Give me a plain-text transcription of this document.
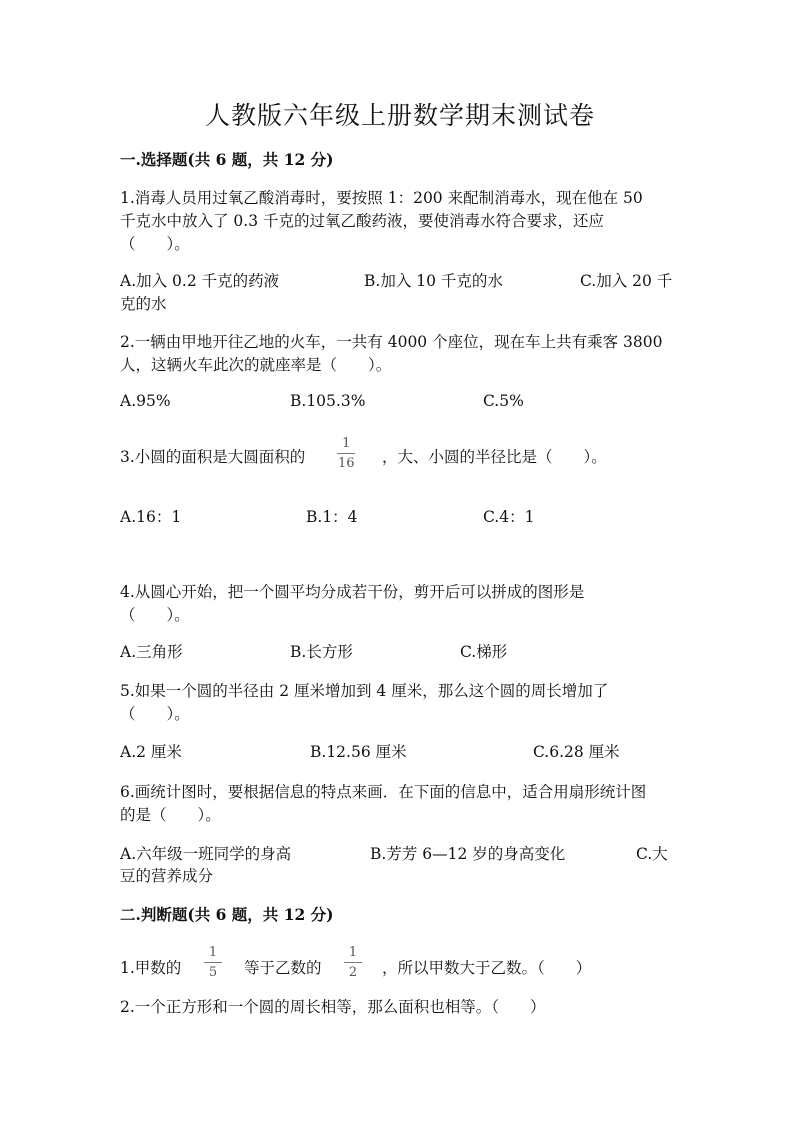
人教版六年级上册数学期末测试卷
一.选择题(共 6 题，共 12 分)
1.消毒人员用过氧乙酸消毒时，要按照 1：200 来配制消毒水，现在他在 50
千克水中放入了 0.3 千克的过氧乙酸药液，要使消毒水符合要求，还应
（　　）。
A.加入 0.2 千克的药液	B.加入 10 千克的水	C.加入 20 千
克的水
2.一辆由甲地开往乙地的火车，一共有 4000 个座位，现在车上共有乘客 3800
人，这辆火车此次的就座率是（　　）。
A.95%	B.105.3%	C.5%
3.小圆的面积是大圆面积的
1
16 ，大、小圆的半径比是（　　）。
A.16：1	B.1：4	C.4：1
4.从圆心开始，把一个圆平均分成若干份，剪开后可以拼成的图形是
（　　）。
A.三角形	B.长方形	C.梯形
5.如果一个圆的半径由 2 厘米增加到 4 厘米，那么这个圆的周长增加了
（　　）。
A.2 厘米	B.12.56 厘米	C.6.28 厘米
6.画统计图时，要根据信息的特点来画．在下面的信息中，适合用扇形统计图
的是（　　）。
A.六年级一班同学的身高	B.芳芳 6—12 岁的身高变化	C.大
豆的营养成分
二.判断题(共 6 题，共 12 分)
1.甲数的
1
5 等于乙数的
1
2 ，所以甲数大于乙数。（　　）
2.一个正方形和一个圆的周长相等，那么面积也相等。（　　）
